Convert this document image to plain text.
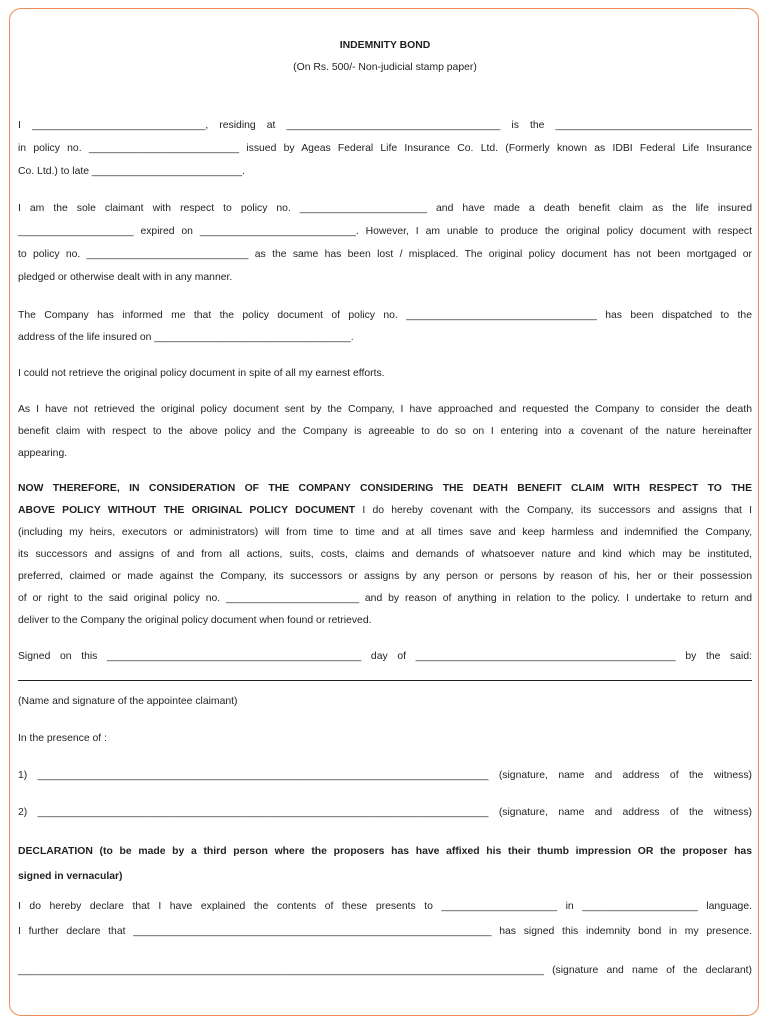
INDEMNITY BOND
(On Rs. 500/- Non-judicial stamp paper)
I ______________________________, residing at _____________________________________ is the __________________________________
in policy no. __________________________ issued by Ageas Federal Life Insurance Co. Ltd. (Formerly known as IDBI Federal Life Insurance
Co. Ltd.) to late __________________________.
I am the sole claimant with respect to policy no. ______________________ and have made a death benefit claim as the life insured
____________________ expired on ___________________________. However, I am unable to produce the original policy document with respect
to policy no. ____________________________ as the same has been lost / misplaced. The original policy document has not been mortgaged or
pledged or otherwise dealt with in any manner.
The Company has informed me that the policy document of policy no. _________________________________ has been dispatched to the
address of the life insured on __________________________________.
I could not retrieve the original policy document in spite of all my earnest efforts.
As I have not retrieved the original policy document sent by the Company, I have approached and requested the Company to consider the death
benefit claim with respect to the above policy and the Company is agreeable to do so on I entering into a covenant of the nature hereinafter
appearing.
NOW THEREFORE, IN CONSIDERATION OF THE COMPANY CONSIDERING THE DEATH BENEFIT CLAIM WITH RESPECT TO THE
ABOVE POLICY WITHOUT THE ORIGINAL POLICY DOCUMENT I do hereby covenant with the Company, its successors and assigns that I
(including my heirs, executors or administrators) will from time to time and at all times save and keep harmless and indemnified the Company,
its successors and assigns of and from all actions, suits, costs, claims and demands of whatsoever nature and kind which may be instituted,
preferred, claimed or made against the Company, its successors or assigns by any person or persons by reason of his, her or their possession
of or right to the said original policy no. _______________________ and by reason of anything in relation to the policy. I undertake to return and
deliver to the Company the original policy document when found or retrieved.
Signed on this ____________________________________________ day of _____________________________________________ by the said:
(Name and signature of the appointee claimant)
In the presence of :
1) ______________________________________________________________________________ (signature, name and address of the witness)
2) ______________________________________________________________________________ (signature, name and address of the witness)
DECLARATION (to be made by a third person where the proposers has have affixed his their thumb impression OR the proposer has
signed in vernacular)
I do hereby declare that I have explained the contents of these presents to ____________________ in ____________________ language.
I further declare that ______________________________________________________________ has signed this indemnity bond in my presence.
___________________________________________________________________________________________ (signature and name of the declarant)
